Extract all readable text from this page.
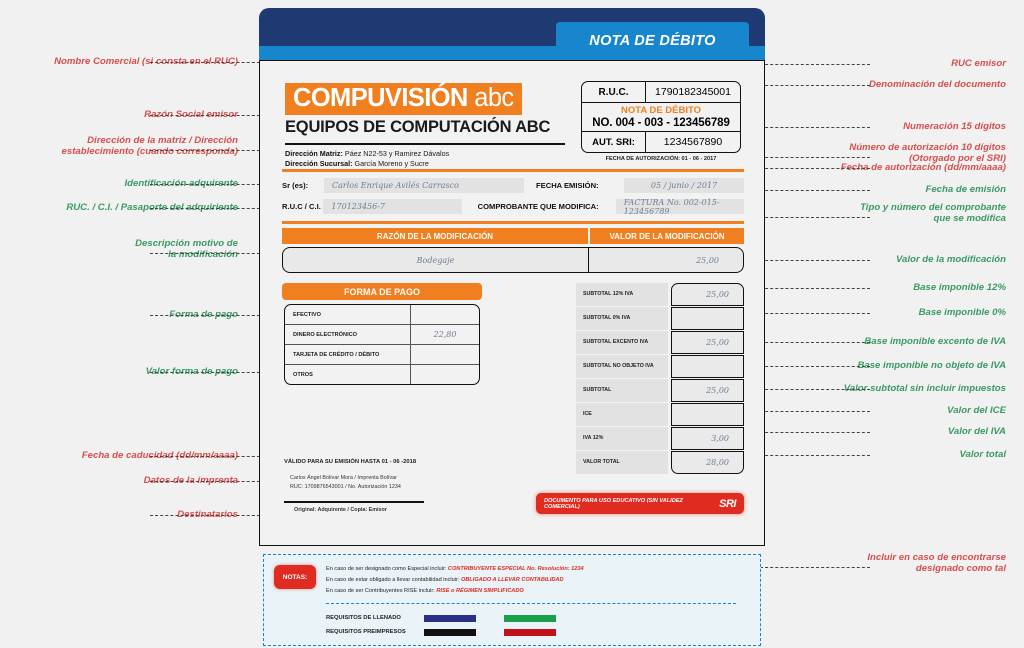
Nombre Comercial (si consta en el RUC)
Razón Social emisor
Dirección de la matriz / Dirección
establecimiento (cuando corresponda)
Identificación adquirente
RUC. / C.I. / Pasaporte del adquiriente
Descripción motivo de
la modificación
Forma de pago
Valor forma de pago
Fecha de caducidad (dd/mm/aaaa)
Datos de la imprenta
Destinatarios
RUC emisor
Denominación del documento
Numeración 15 dígitos
Número de autorización 10 dígitos
(Otorgado por el SRI)
Fecha de autorización (dd/mm/aaaa)
Fecha de emisión
Tipo y número del comprobante
que se modifica
Valor de la modificación
Base imponible 12%
Base imponible 0%
Base imponible excento de IVA
Base imponible no objeto de IVA
Valor subtotal sin incluir impuestos
Valor del ICE
Valor del IVA
Valor total
Incluir en caso de encontrarse
designado como tal
NOTA DE DÉBITO
COMPUVISIÓN abc
EQUIPOS DE COMPUTACIÓN ABC
Dirección Matriz: Páez N22-53 y Ramirez Dávalos
Dirección Sucursal: García Moreno y Sucre
R.U.C.	1790182345001
NOTA DE DÉBITO
NO. 004 - 003 - 123456789
AUT. SRI:	1234567890
FECHA DE AUTORIZACIÓN: 01 - 06 - 2017
Sr (es):	Carlos Enrique Avilés Carrasco	FECHA EMISIÓN:	05 / junio / 2017
R.U.C / C.I.	170123456-7	COMPROBANTE QUE MODIFICA:	FACTURA No. 002-015-123456789
RAZÓN DE LA MODIFICACIÓN	VALOR DE LA MODIFICACIÓN
Bodegaje	25,00
FORMA DE PAGO
EFECTIVO
DINERO ELECTRÓNICO	22,80
TARJETA DE CRÉDITO / DÉBITO
OTROS
SUBTOTAL 12% IVA	25,00
SUBTOTAL 0% IVA
SUBTOTAL EXCENTO IVA	25,00
SUBTOTAL NO OBJETO IVA
SUBTOTAL	25,00
ICE
IVA 12%	3,00
VALOR TOTAL	28,00
VÁLIDO PARA SU EMISIÓN HASTA 01 - 06 -2018
Carlos Ángel Bolívar Mora / Imprenta Bolívar
RUC: 1709876543001 / No. Autorización 1234
Original: Adquirente / Copia: Emisor
DOCUMENTO PARA USO EDUCATIVO (SIN VALIDEZ COMERCIAL)	SRI
NOTAS:
En caso de ser designado como Especial incluir: CONTRIBUYENTE ESPECIAL No. Resolución: 1234
En caso de estar obligado a llevar contabilidad incluir: OBLIGADO A LLEVAR CONTABILIDAD
En caso de ser Contribuyentes RISE incluir: RISE o RÉGIMEN SIMPLIFICADO
REQUISITOS DE LLENADO
REQUISITOS PREIMPRESOS
